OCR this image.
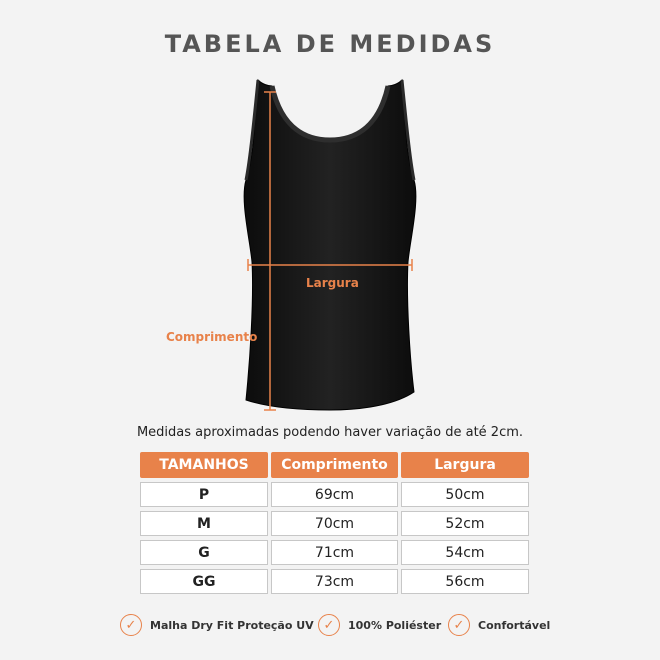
TABELA DE MEDIDAS
Largura
Comprimento
Medidas aproximadas podendo haver variação de até 2cm.
TAMANHOS	Comprimento	Largura
P	69cm	50cm
M	70cm	52cm
G	71cm	54cm
GG	73cm	56cm
✓	Malha Dry Fit Proteção UV ✓	100% Poliéster ✓	Confortável
